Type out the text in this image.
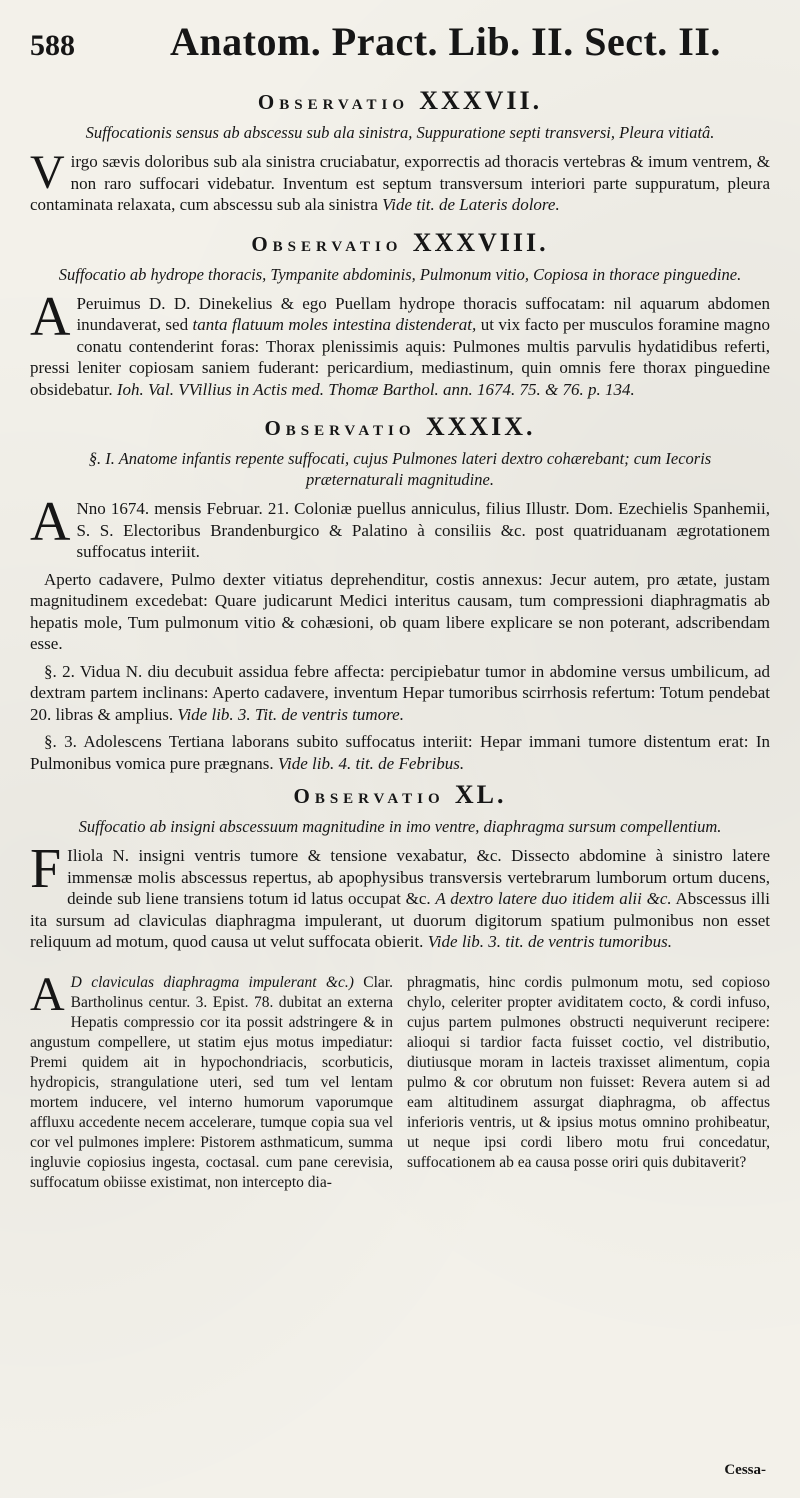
588	Anatom. Pract. Lib. II. Sect. II.
Observatio XXXVII.
Suffocationis sensus ab abscessu sub ala sinistra, Suppuratione septi transversi, Pleura vitiatâ.

V irgo sævis doloribus sub ala sinistra cruciabatur, exporrectis ad thoracis vertebras & imum ventrem, & non raro suffocari videbatur. Inventum est septum transversum interiori parte suppuratum, pleura contaminata relaxata, cum abscessu sub ala sinistra Vide tit. de Lateris dolore.

Observatio XXXVIII.
Suffocatio ab hydrope thoracis, Tympanite abdominis, Pulmonum vitio, Copiosa in thorace pinguedine.

A Peruimus D. D. Dinekelius & ego Puellam hydrope thoracis suffocatam: nil aquarum abdomen inundaverat, sed tanta flatuum moles intestina distenderat, ut vix facto per musculos foramine magno conatu contenderint foras: Thorax plenissimis aquis: Pulmones multis parvulis hydatidibus referti, pressi leniter copiosam saniem fuderant: pericardium, mediastinum, quin omnis fere thorax pinguedine obsidebatur. Ioh. Val. VVillius in Actis med. Thomæ Barthol. ann. 1674. 75. & 76. p. 134.

Observatio XXXIX.
§. I. Anatome infantis repente suffocati, cujus Pulmones lateri dextro cohærebant; cum Iecoris præternaturali magnitudine.

A Nno 1674. mensis Februar. 21. Coloniæ puellus anniculus, filius Illustr. Dom. Ezechielis Spanhemii, S. S. Electoribus Brandenburgico & Palatino à consiliis &c. post quatriduanam ægrotationem suffocatus interiit.

Aperto cadavere, Pulmo dexter vitiatus deprehenditur, costis annexus: Jecur autem, pro ætate, justam magnitudinem excedebat: Quare judicarunt Medici interitus causam, tum compressioni diaphragmatis ab hepatis mole, Tum pulmonum vitio & cohæsioni, ob quam libere explicare se non poterant, adscribendam esse.

§. 2. Vidua N. diu decubuit assidua febre affecta: percipiebatur tumor in abdomine versus umbilicum, ad dextram partem inclinans: Aperto cadavere, inventum Hepar tumoribus scirrhosis refertum: Totum pendebat 20. libras & amplius. Vide lib. 3. Tit. de ventris tumore.

§. 3. Adolescens Tertiana laborans subito suffocatus interiit: Hepar immani tumore distentum erat: In Pulmonibus vomica pure prægnans. Vide lib. 4. tit. de Febribus.

Observatio XL.
Suffocatio ab insigni abscessuum magnitudine in imo ventre, diaphragma sursum compellentium.

F Iliola N. insigni ventris tumore & tensione vexabatur, &c. Dissecto abdomine à sinistro latere immensæ molis abscessus repertus, ab apophysibus transversis vertebrarum lumborum ortum ducens, deinde sub liene transiens totum id latus occupat &c. A dextro latere duo itidem alii &c. Abscessus illi ita sursum ad claviculas diaphragma impulerant, ut duorum digitorum spatium pulmonibus non esset reliquum ad motum, quod causa ut velut suffocata obierit. Vide lib. 3. tit. de ventris tumoribus.

A D claviculas diaphragma impulerant &c.) Clar. Bartholinus centur. 3. Epist. 78. dubitat an externa Hepatis compressio cor ita possit adstringere & in angustum compellere, ut statim ejus motus impediatur: Premi quidem ait in hypochondriacis, scorbuticis, hydropicis, strangulatione uteri, sed tum vel lentam mortem inducere, vel interno humorum vaporumque affluxu accedente necem accelerare, tumque copia sua vel cor vel pulmones implere: Pistorem asthmaticum, summa ingluvie copiosius ingesta, coctasal. cum pane cerevisia, suffocatum obiisse existimat, non intercepto dia-
phragmatis, hinc cordis pulmonum motu, sed copioso chylo, celeriter propter aviditatem cocto, & cordi infuso, cujus partem pulmones obstructi nequiverunt recipere: alioqui si tardior facta fuisset coctio, vel distributio, diutiusque moram in lacteis traxisset alimentum, copia pulmo & cor obrutum non fuisset: Revera autem si ad eam altitudinem assurgat diaphragma, ob affectus inferioris ventris, ut & ipsius motus omnino prohibeatur, ut neque ipsi cordi libero motu frui concedatur, suffocationem ab ea causa posse oriri quis dubitaverit?
Cessa-
